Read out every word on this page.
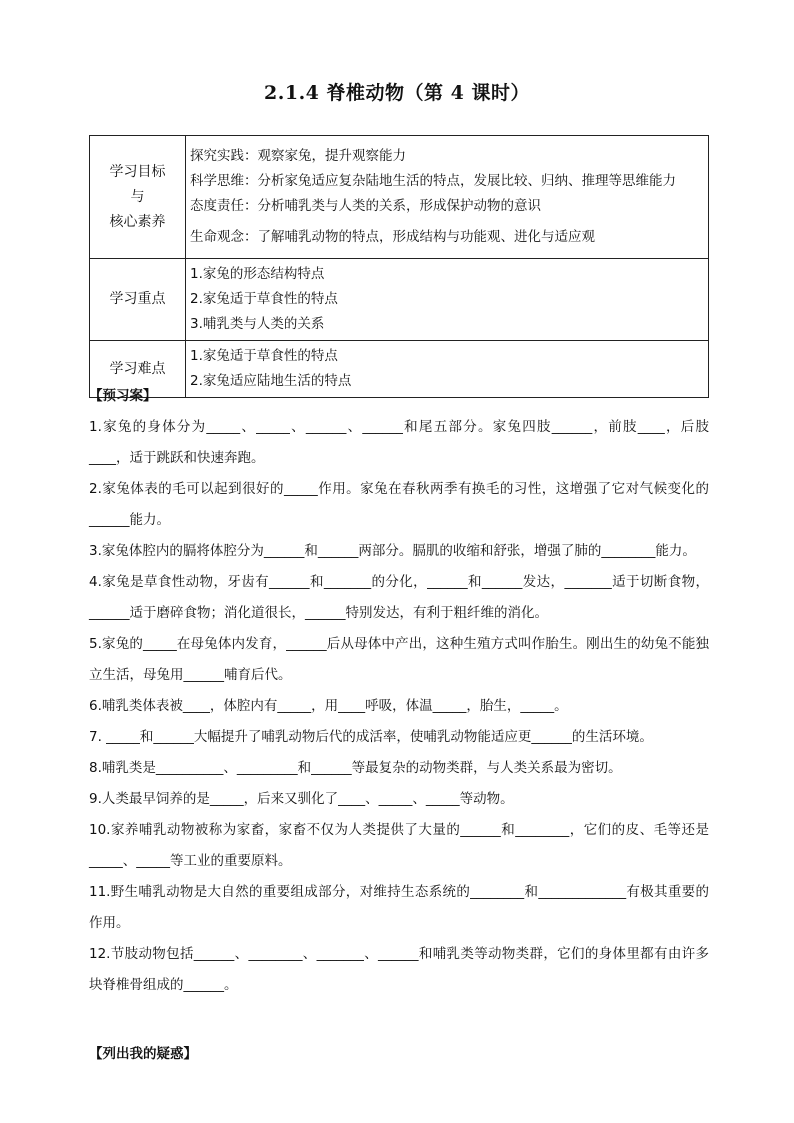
2.1.4 脊椎动物（第 4 课时）
学习目标
与
核心素养	探究实践：观察家兔，提升观察能力
科学思维：分析家兔适应复杂陆地生活的特点，发展比较、归纳、推理等思维能力
态度责任：分析哺乳类与人类的关系，形成保护动物的意识
生命观念：了解哺乳动物的特点，形成结构与功能观、进化与适应观

学习重点	1.家兔的形态结构特点
2.家兔适于草食性的特点
3.哺乳类与人类的关系

学习难点	1.家兔适于草食性的特点
2.家兔适应陆地生活的特点
【预习案】
1.家兔的身体分为_____、_____、______、______和尾五部分。家兔四肢______，前肢____，后肢____，适于跳跃和快速奔跑。
2.家兔体表的毛可以起到很好的_____作用。家兔在春秋两季有换毛的习性，这增强了它对气候变化的______能力。
3.家兔体腔内的膈将体腔分为______和______两部分。膈肌的收缩和舒张，增强了肺的________能力。
4.家兔是草食性动物，牙齿有______和_______的分化，______和______发达，_______适于切断食物，______适于磨碎食物；消化道很长，______特别发达，有利于粗纤维的消化。
5.家兔的_____在母兔体内发育，______后从母体中产出，这种生殖方式叫作胎生。刚出生的幼兔不能独立生活，母兔用______哺育后代。
6.哺乳类体表被____，体腔内有_____，用____呼吸，体温_____，胎生，_____。
7. _____和______大幅提升了哺乳动物后代的成活率，使哺乳动物能适应更______的生活环境。
8.哺乳类是__________、_________和______等最复杂的动物类群，与人类关系最为密切。
9.人类最早饲养的是_____，后来又驯化了____、_____、_____等动物。
10.家养哺乳动物被称为家畜，家畜不仅为人类提供了大量的______和________，它们的皮、毛等还是_____、_____等工业的重要原料。
11.野生哺乳动物是大自然的重要组成部分，对维持生态系统的________和_____________有极其重要的作用。
12.节肢动物包括______、________、_______、______和哺乳类等动物类群，它们的身体里都有由许多块脊椎骨组成的______。
【列出我的疑惑】
